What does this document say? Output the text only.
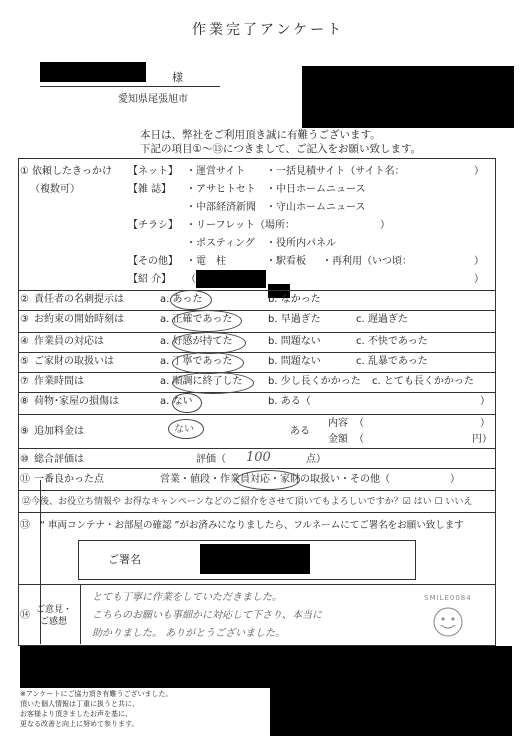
作業完了アンケート
様
愛知県尾張旭市
本日は、弊社をご利用頂き誠に有難うございます。
下記の項目①～⑬につきまして、ご記入をお願い致します。
① 依頼したきっかけ
（複数可）
【ネット】 ・運営サイト ・一括見積サイト（サイト名：	）
【雑 誌】 ・アサヒトセト ・中日ホームニュース
・中部経済新聞 ・守山ホームニュース
【チラシ】 ・リーフレット（場所：	）
・ポスティング ・役所内パネル
【その他】 ・電　柱	・駅看板 ・再利用（いつ頃：	）
【紹 介】 （	）
② 責任者の名刺提示は	a. あった	b. なかった
③ お約束の開始時刻は	a. 正確であった	b. 早過ぎた	c. 遅過ぎた
④ 作業員の対応は	a. 好感が持てた	b. 問題ない	c. 不快であった
⑤ ご家財の取扱いは	a. 丁寧であった	b. 問題ない	c. 乱暴であった
⑦ 作業時間は	a. 順調に終了した	b. 少し長くかかった c. とても長くかかった
⑧ 荷物･家屋の損傷は	a. ない	b. ある（	）
⑨ 追加料金は	ない	ある
内容 （	）
金額 （	円）
⑩ 総合評価は	評価（ 100	点）
⑪ 一番良かった点	営業・値段・作業員対応・家財の取扱い・その他（　　　　　　）
⑫今後、お役立ち情報や お得なキャンペーンなどのご紹介をさせて頂いてもよろしいですか？☑ はい ☐ いいえ
⑬ “ 車両コンテナ・お部屋の確認 ”がお済みになりましたら、フルネームにてご署名をお願い致します
ご署名
⑭ ご意見・
ご感想
とても丁寧に作業をしていただきました。
こちらのお願いも事細かに対応して下さり、本当に
助かりました。 ありがとうございました。
SMILE0084
※アンケートにご協力頂き有難うございました。
頂いた個人情報は丁重に扱うと共に、
お客様より頂きましたお声を基に、
更なる改善と向上に努めて参ります。
